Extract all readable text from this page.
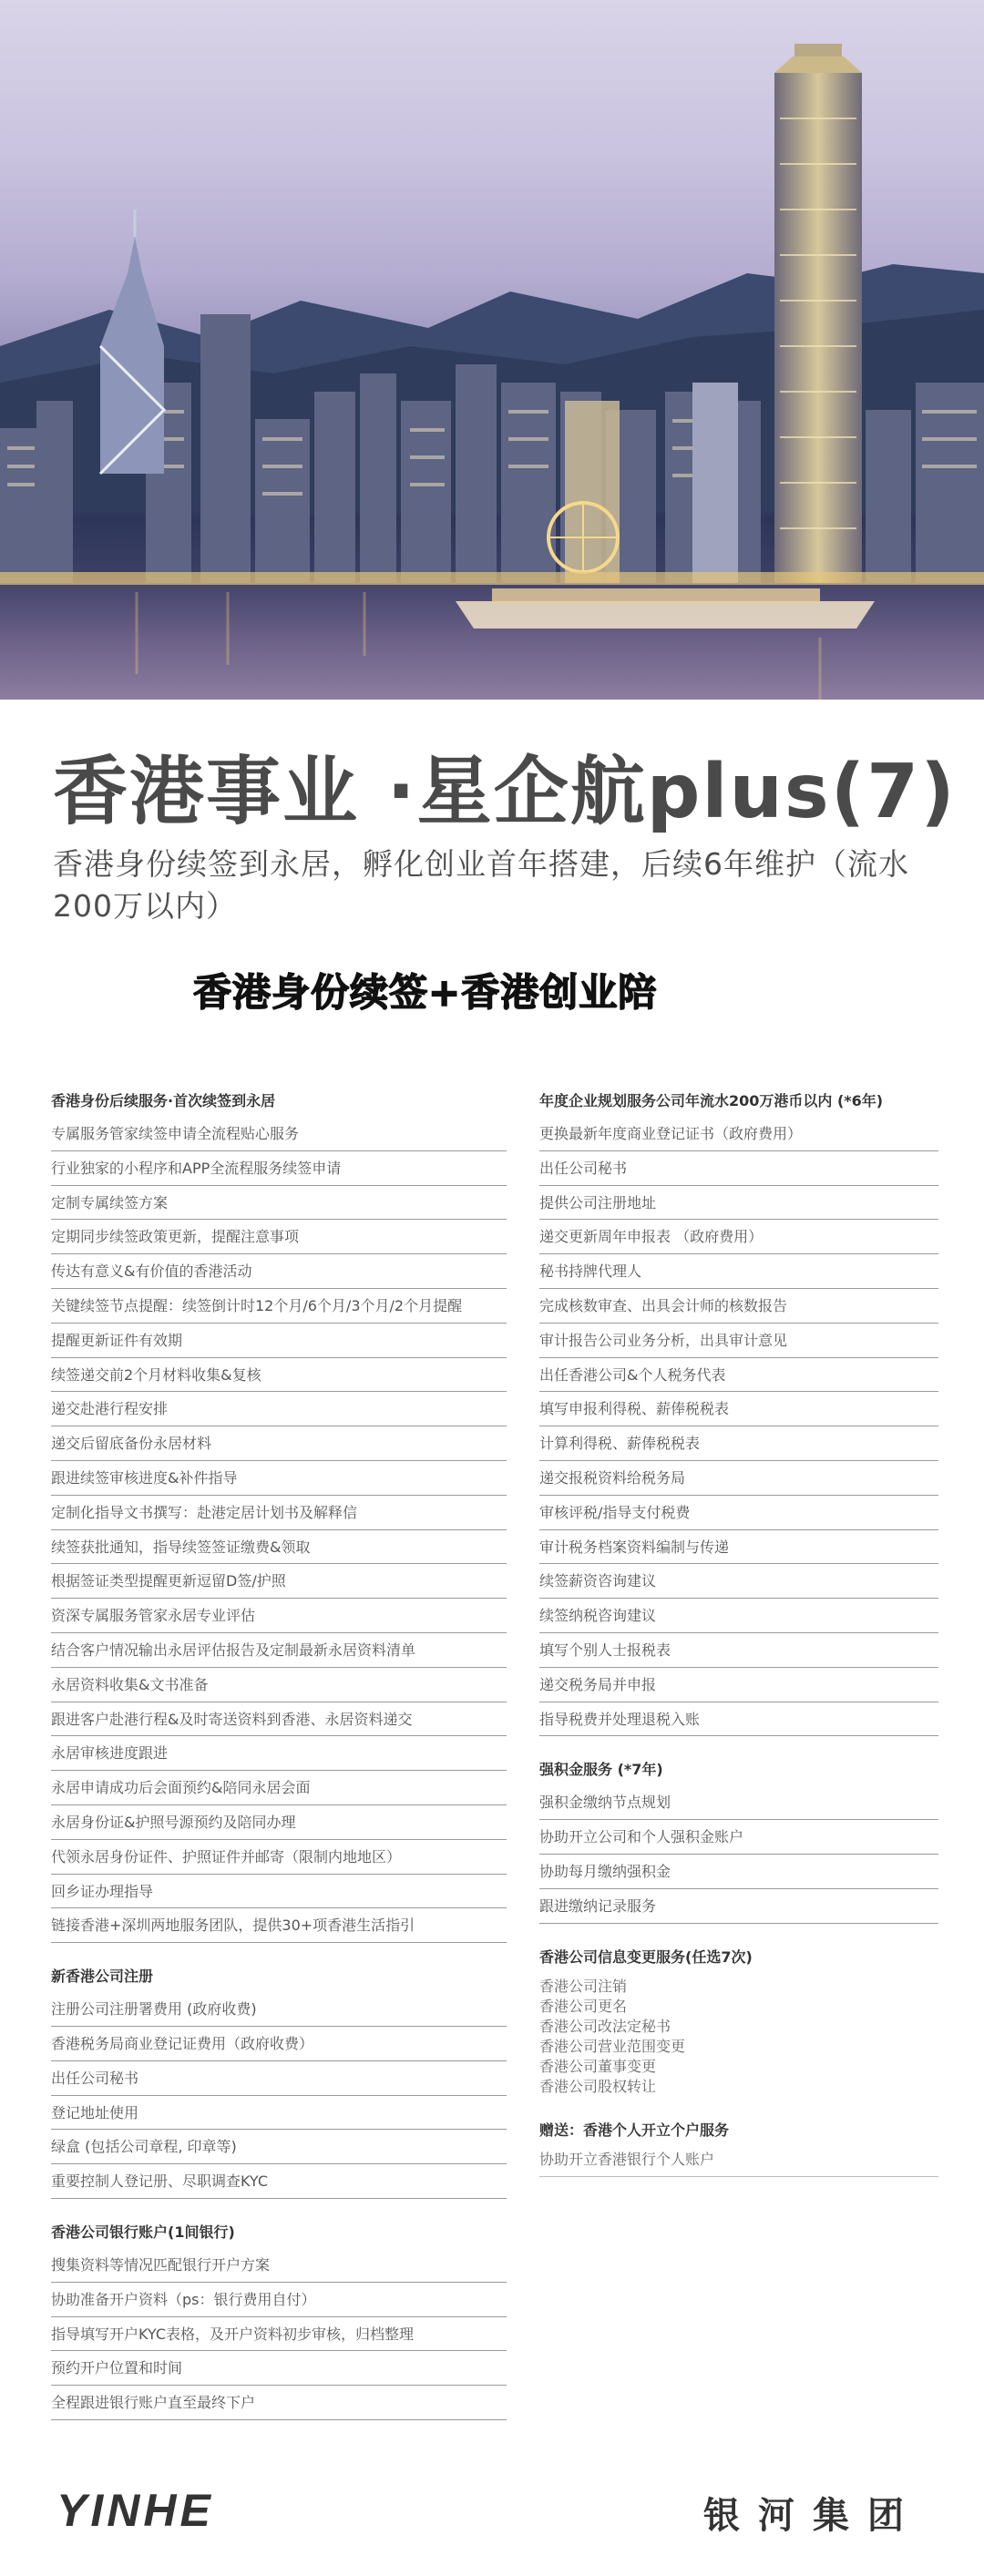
香港事业 ·星企航plus(7)
香港身份续签到永居，孵化创业首年搭建，后续6年维护（流水200万以内）
香港身份续签+香港创业陪
香港身份后续服务·首次续签到永居
专属服务管家续签申请全流程贴心服务
行业独家的小程序和APP全流程服务续签申请
定制专属续签方案
定期同步续签政策更新，提醒注意事项
传达有意义&有价值的香港活动
关键续签节点提醒：续签倒计时12个月/6个月/3个月/2个月提醒
提醒更新证件有效期
续签递交前2个月材料收集&复核
递交赴港行程安排
递交后留底备份永居材料
跟进续签审核进度&补件指导
定制化指导文书撰写：赴港定居计划书及解释信
续签获批通知，指导续签签证缴费&领取
根据签证类型提醒更新逗留D签/护照
资深专属服务管家永居专业评估
结合客户情况输出永居评估报告及定制最新永居资料清单
永居资料收集&文书准备
跟进客户赴港行程&及时寄送资料到香港、永居资料递交
永居审核进度跟进
永居申请成功后会面预约&陪同永居会面
永居身份证&护照号源预约及陪同办理
代领永居身份证件、护照证件并邮寄（限制内地地区）
回乡证办理指导
链接香港+深圳两地服务团队，提供30+项香港生活指引
新香港公司注册
注册公司注册署费用 (政府收费)
香港税务局商业登记证费用（政府收费）
出任公司秘书
登记地址使用
绿盒 (包括公司章程, 印章等)
重要控制人登记册、尽职调查KYC
香港公司银行账户(1间银行)
搜集资料等情况匹配银行开户方案
协助准备开户资料（ps：银行费用自付）
指导填写开户KYC表格，及开户资料初步审核，归档整理
预约开户位置和时间
全程跟进银行账户直至最终下户
年度企业规划服务公司年流水200万港币以内 (*6年)
更换最新年度商业登记证书（政府费用）
出任公司秘书
提供公司注册地址
递交更新周年申报表 （政府费用）
秘书持牌代理人
完成核数审查、出具会计师的核数报告
审计报告公司业务分析，出具审计意见
出任香港公司&个人税务代表
填写申报利得税、薪俸税税表
计算利得税、薪俸税税表
递交报税资料给税务局
审核评税/指导支付税费
审计税务档案资料编制与传递
续签薪资咨询建议
续签纳税咨询建议
填写个别人士报税表
递交税务局并申报
指导税费并处理退税入账
强积金服务 (*7年)
强积金缴纳节点规划
协助开立公司和个人强积金账户
协助每月缴纳强积金
跟进缴纳记录服务
香港公司信息变更服务(任选7次)
香港公司注销
香港公司更名
香港公司改法定秘书
香港公司营业范围变更
香港公司董事变更
香港公司股权转让
赠送：香港个人开立个户服务
协助开立香港银行个人账户
YINHE	银河集团
